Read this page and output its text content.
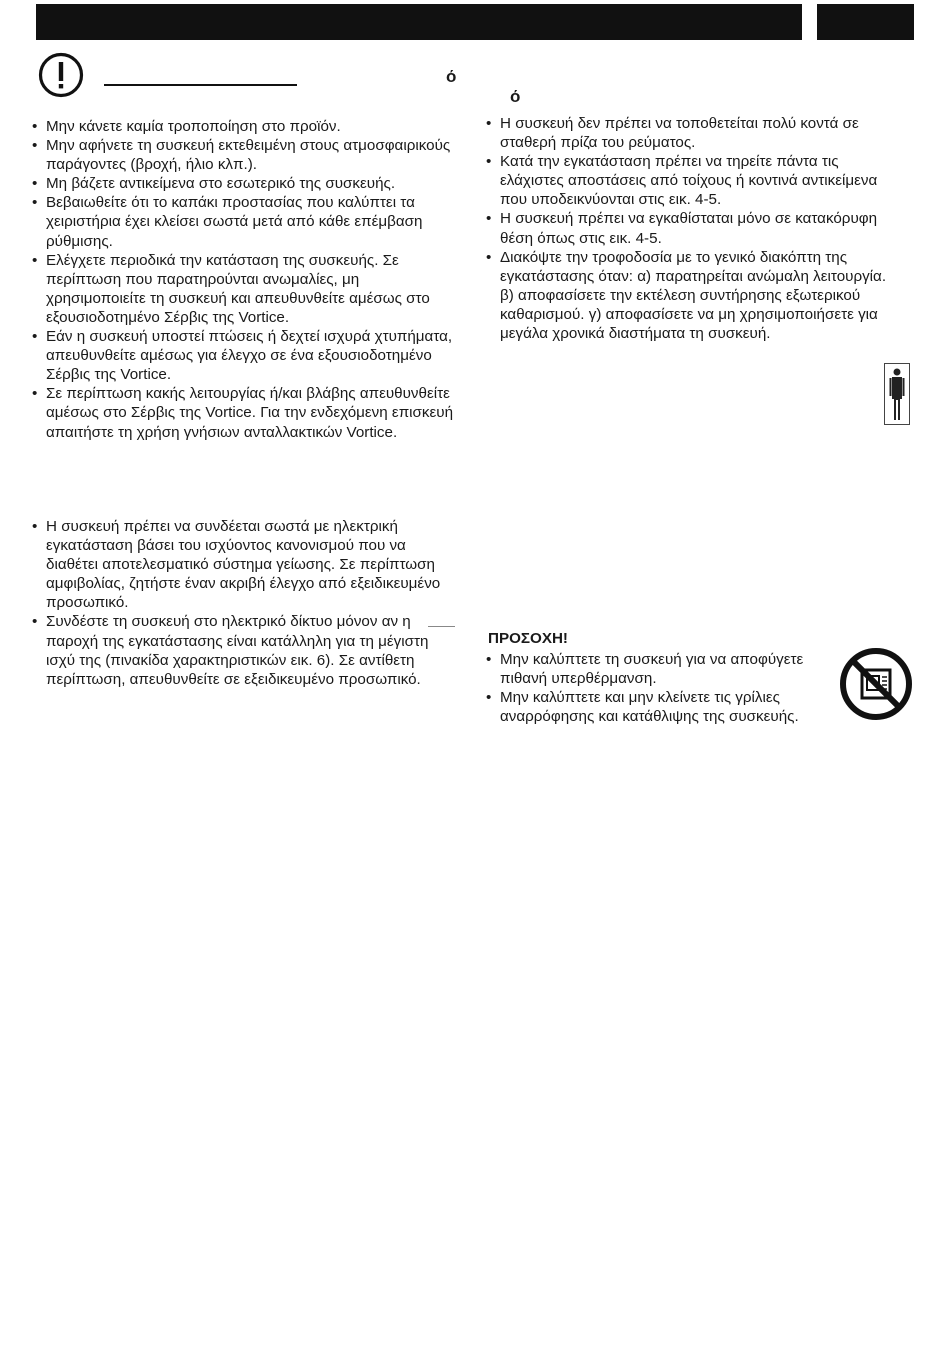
ό
ό
• Μην κάνετε καμία τροποποίηση στο προϊόν.
• Μην αφήνετε τη συσκευή εκτεθειμένη στους ατμοσφαιρικούς παράγοντες (βροχή, ήλιο κλπ.).
• Μη βάζετε αντικείμενα στο εσωτερικό της συσκευής.
• Βεβαιωθείτε ότι το καπάκι προστασίας που καλύπτει τα χειριστήρια έχει κλείσει σωστά μετά από κάθε επέμβαση ρύθμισης.
• Ελέγχετε περιοδικά την κατάσταση της συσκευής. Σε περίπτωση που παρατηρούνται ανωμαλίες, μη χρησιμοποιείτε τη συσκευή και απευθυνθείτε αμέσως στο εξουσιοδοτημένο Σέρβις της Vortice.
• Εάν η συσκευή υποστεί πτώσεις ή δεχτεί ισχυρά χτυπήματα, απευθυνθείτε αμέσως για έλεγχο σε ένα εξουσιοδοτημένο Σέρβις της Vortice.
• Σε περίπτωση κακής λειτουργίας ή/και βλάβης απευθυνθείτε αμέσως στο Σέρβις της Vortice. Για την ενδεχόμενη επισκευή απαιτήστε τη χρήση γνήσιων ανταλλακτικών Vortice.
• Η συσκευή πρέπει να συνδέεται σωστά με ηλεκτρική εγκατάσταση βάσει του ισχύοντος κανονισμού που να διαθέτει αποτελεσματικό σύστημα γείωσης. Σε περίπτωση αμφιβολίας, ζητήστε έναν ακριβή έλεγχο από εξειδικευμένο προσωπικό.
• Συνδέστε τη συσκευή στο ηλεκτρικό δίκτυο μόνον αν η παροχή της εγκατάστασης είναι κατάλληλη για τη μέγιστη ισχύ της (πινακίδα χαρακτηριστικών εικ. 6). Σε αντίθετη περίπτωση, απευθυνθείτε σε εξειδικευμένο προσωπικό.
• Η συσκευή δεν πρέπει να τοποθετείται πολύ κοντά σε σταθερή πρίζα του ρεύματος.
• Κατά την εγκατάσταση πρέπει να τηρείτε πάντα τις ελάχιστες αποστάσεις από τοίχους ή κοντινά αντικείμενα που υποδεικνύονται στις εικ. 4-5.
• Η συσκευή πρέπει να εγκαθίσταται μόνο σε κατακόρυφη θέση όπως στις εικ. 4-5.
• Διακόψτε την τροφοδοσία με το γενικό διακόπτη της εγκατάστασης όταν: α) παρατηρείται ανώμαλη λειτουργία. β) αποφασίσετε την εκτέλεση συντήρησης εξωτερικού καθαρισμού. γ) αποφασίσετε να μη χρησιμοποιήσετε για μεγάλα χρονικά διαστήματα τη συσκευή.
ΠΡΟΣΟΧΗ!
• Μην καλύπτετε τη συσκευή για να αποφύγετε πιθανή υπερθέρμανση.
• Μην καλύπτετε και μην κλείνετε τις γρίλιες αναρρόφησης και κατάθλιψης της συσκευής.
